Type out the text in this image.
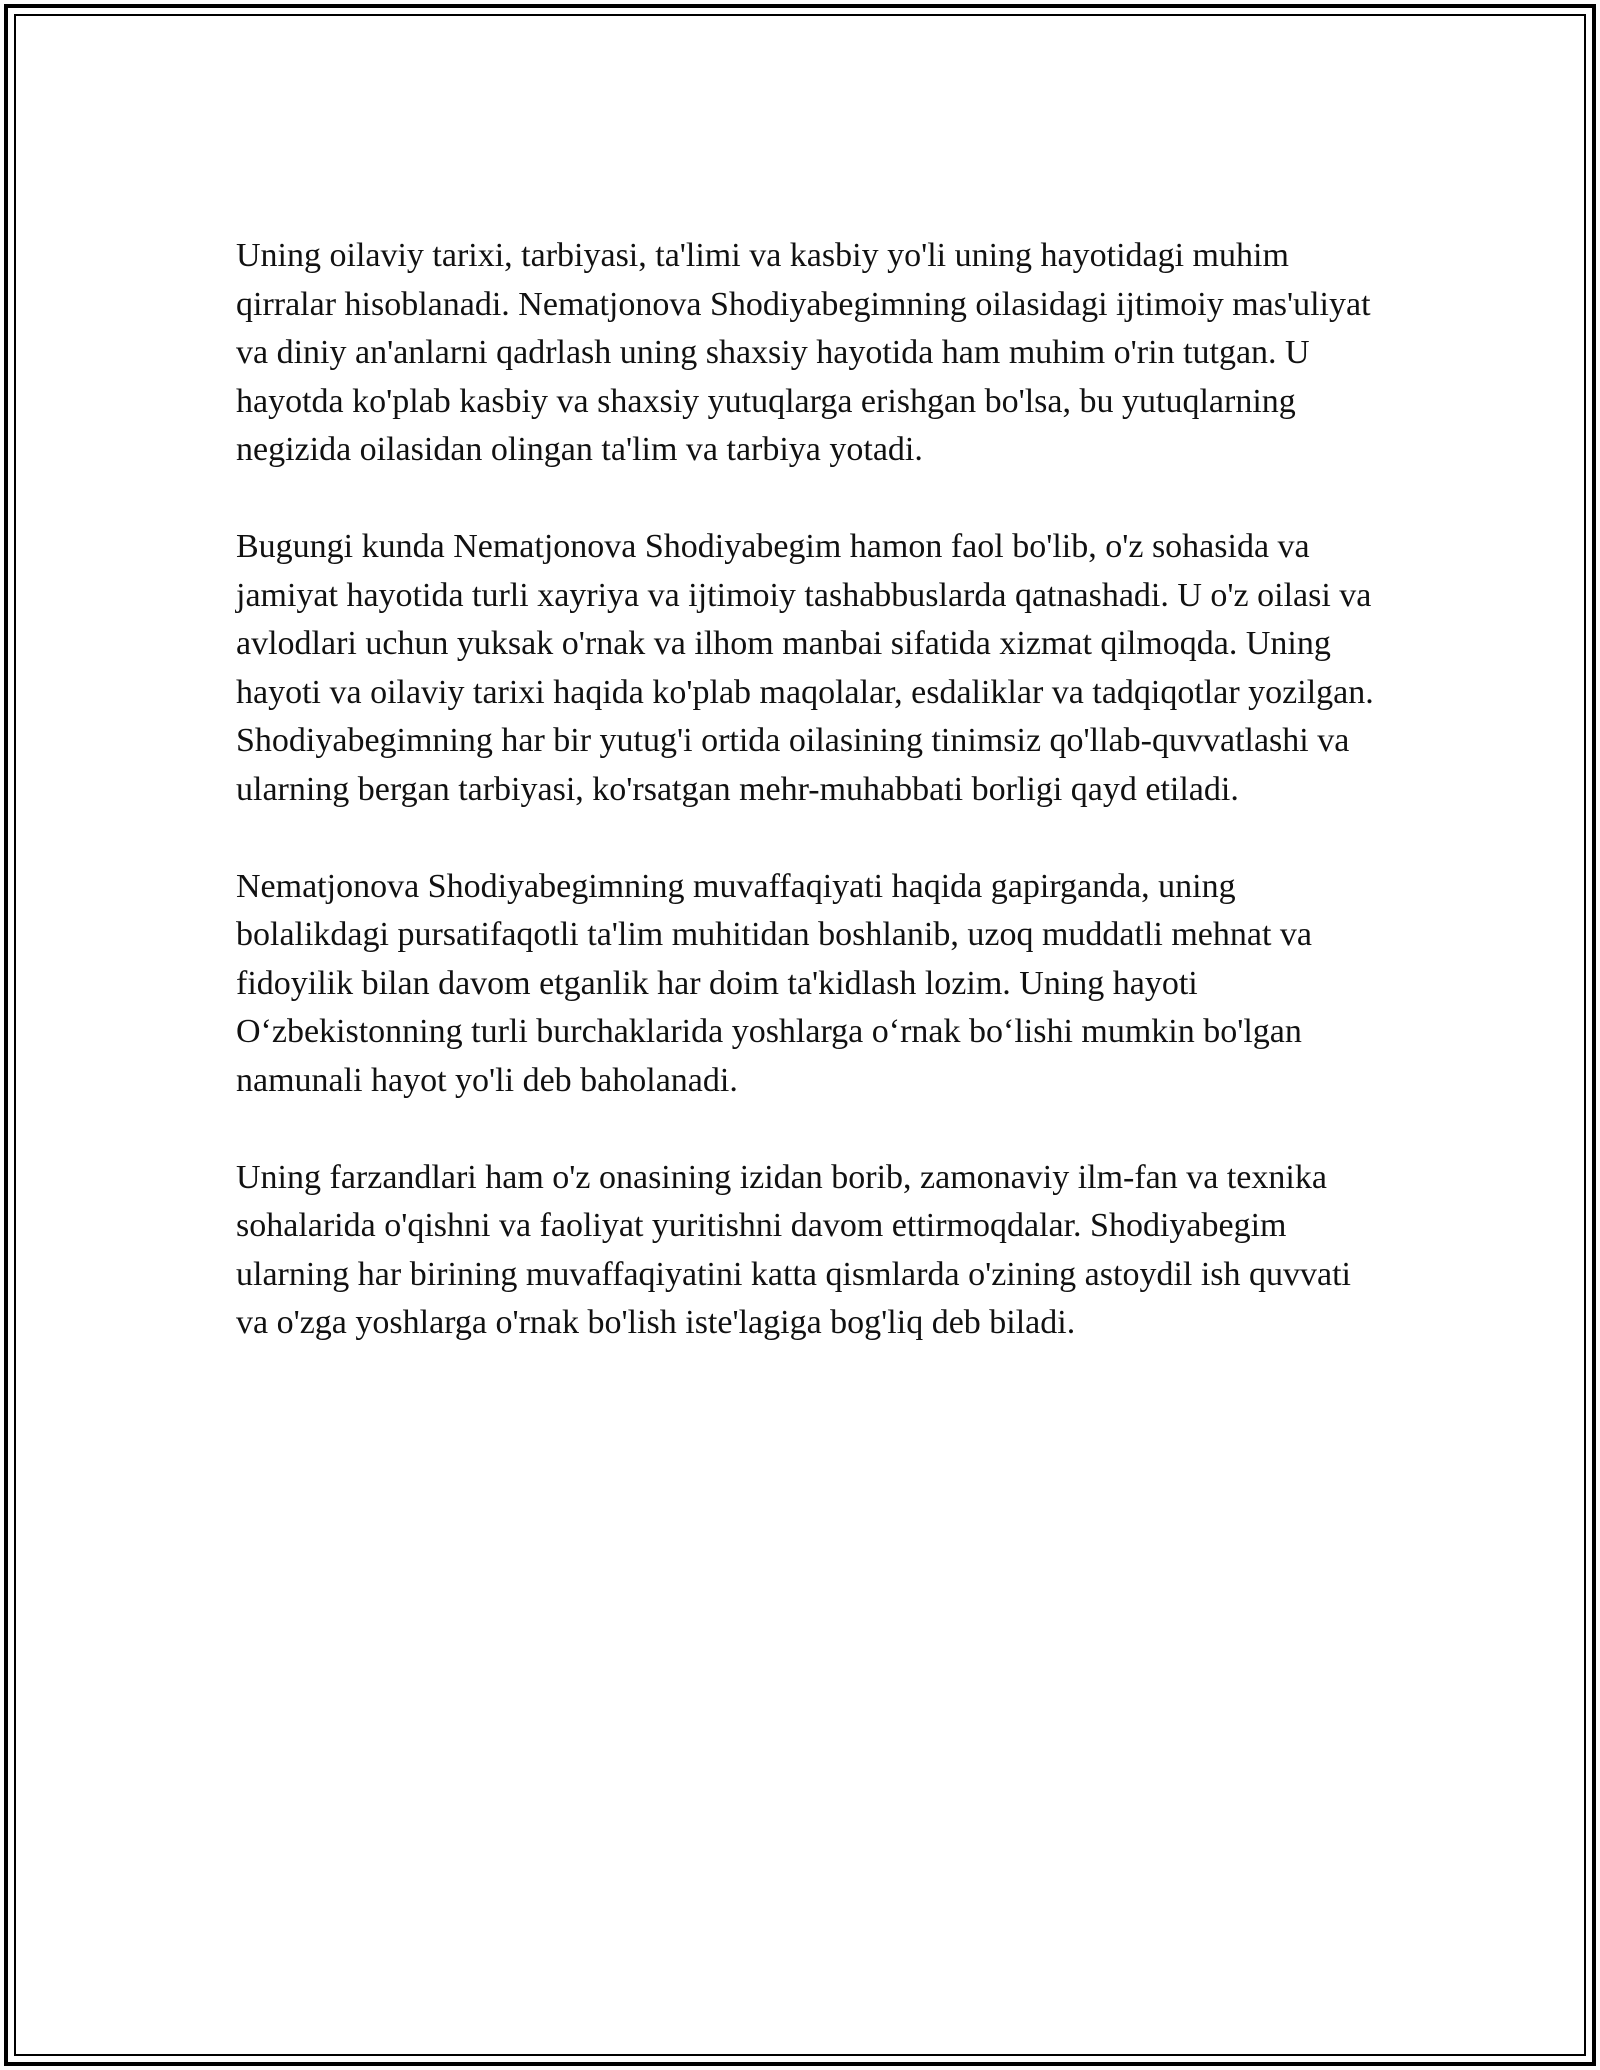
Uning oilaviy tarixi, tarbiyasi, ta'limi va kasbiy yo'li uning hayotidagi muhim qirralar hisoblanadi. Nematjonova Shodiyabegimning oilasidagi ijtimoiy mas'uliyat va diniy an'anlarni qadrlash uning shaxsiy hayotida ham muhim o'rin tutgan. U hayotda ko'plab kasbiy va shaxsiy yutuqlarga erishgan bo'lsa, bu yutuqlarning negizida oilasidan olingan ta'lim va tarbiya yotadi.

Bugungi kunda Nematjonova Shodiyabegim hamon faol bo'lib, o'z sohasida va jamiyat hayotida turli xayriya va ijtimoiy tashabbuslarda qatnashadi. U o'z oilasi va avlodlari uchun yuksak o'rnak va ilhom manbai sifatida xizmat qilmoqda. Uning hayoti va oilaviy tarixi haqida ko'plab maqolalar, esdaliklar va tadqiqotlar yozilgan. Shodiyabegimning har bir yutug'i ortida oilasining tinimsiz qo'llab-quvvatlashi va ularning bergan tarbiyasi, ko'rsatgan mehr-muhabbati borligi qayd etiladi.

Nematjonova Shodiyabegimning muvaffaqiyati haqida gapirganda, uning bolalikdagi pursatifaqotli ta'lim muhitidan boshlanib, uzoq muddatli mehnat va fidoyilik bilan davom etganlik har doim ta'kidlash lozim. Uning hayoti O‘zbekistonning turli burchaklarida yoshlarga o‘rnak bo‘lishi mumkin bo'lgan namunali hayot yo'li deb baholanadi.

Uning farzandlari ham o'z onasining izidan borib, zamonaviy ilm-fan va texnika sohalarida o'qishni va faoliyat yuritishni davom ettirmoqdalar. Shodiyabegim ularning har birining muvaffaqiyatini katta qismlarda o'zining astoydil ish quvvati va o'zga yoshlarga o'rnak bo'lish iste'lagiga bog'liq deb biladi.
